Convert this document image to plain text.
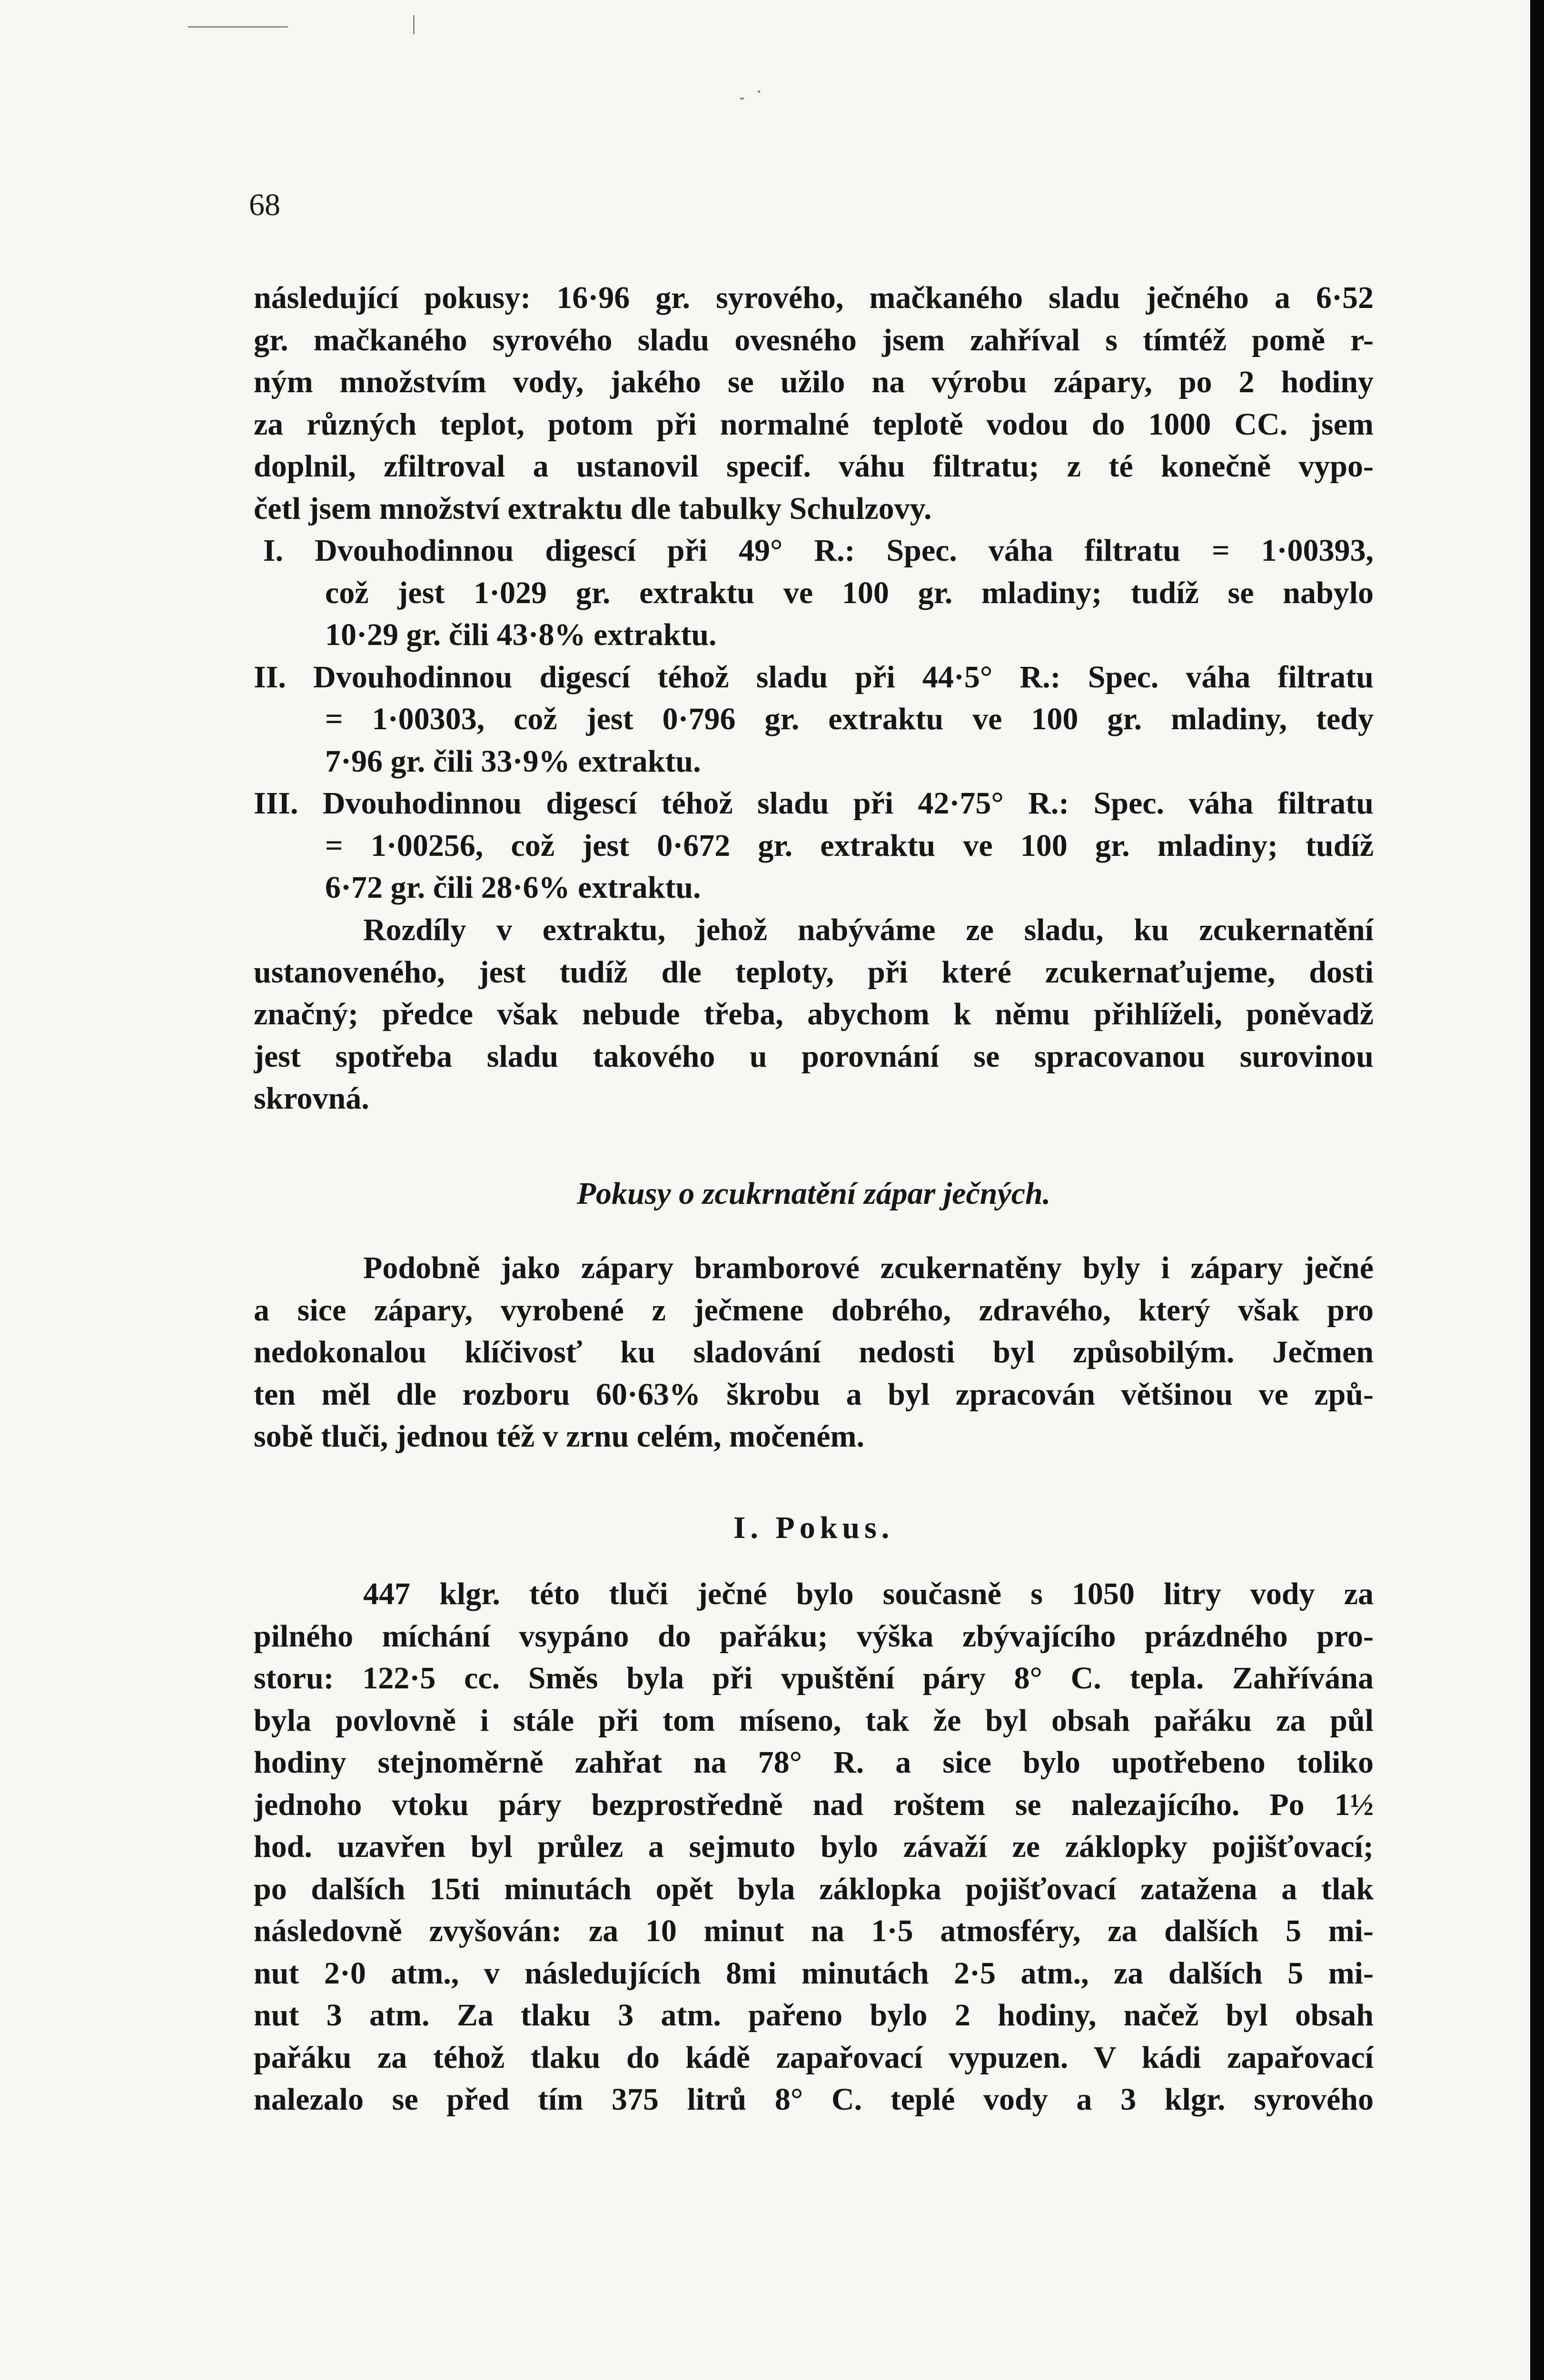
68
následující pokusy: 16·96 gr. syrového, mačkaného sladu ječného a 6·52
gr. mačkaného syrového sladu ovesného jsem zahříval s tímtéž pomě r-
ným množstvím vody, jakého se užilo na výrobu zápary, po 2 hodiny
za různých teplot, potom při normalné teplotě vodou do 1000 CC. jsem
doplnil, zfiltroval a ustanovil specif. váhu filtratu; z té konečně vypo-
četl jsem množství extraktu dle tabulky Schulzovy.
I. Dvouhodinnou digescí při 49° R.: Spec. váha filtratu = 1·00393,
což jest 1·029 gr. extraktu ve 100 gr. mladiny; tudíž se nabylo
10·29 gr. čili 43·8% extraktu.
II. Dvouhodinnou digescí téhož sladu při 44·5° R.: Spec. váha filtratu
= 1·00303, což jest 0·796 gr. extraktu ve 100 gr. mladiny, tedy
7·96 gr. čili 33·9% extraktu.
III. Dvouhodinnou digescí téhož sladu při 42·75° R.: Spec. váha filtratu
= 1·00256, což jest 0·672 gr. extraktu ve 100 gr. mladiny; tudíž
6·72 gr. čili 28·6% extraktu.
Rozdíly v extraktu, jehož nabýváme ze sladu, ku zcukernatění
ustanoveného, jest tudíž dle teploty, při které zcukernaťujeme, dosti
značný; předce však nebude třeba, abychom k němu přihlíželi, poněvadž
jest spotřeba sladu takového u porovnání se spracovanou surovinou
skrovná.
Pokusy o zcukrnatění zápar ječných.
Podobně jako zápary bramborové zcukernatěny byly i zápary ječné
a sice zápary, vyrobené z ječmene dobrého, zdravého, který však pro
nedokonalou klíčivosť ku sladování nedosti byl způsobilým. Ječmen
ten měl dle rozboru 60·63% škrobu a byl zpracován většinou ve způ-
sobě tluči, jednou též v zrnu celém, močeném.
I. Pokus.
447 klgr. této tluči ječné bylo současně s 1050 litry vody za
pilného míchání vsypáno do pařáku; výška zbývajícího prázdného pro-
storu: 122·5 cc. Směs byla při vpuštění páry 8° C. tepla. Zahřívána
byla povlovně i stále při tom míseno, tak že byl obsah pařáku za půl
hodiny stejnoměrně zahřat na 78° R. a sice bylo upotřebeno toliko
jednoho vtoku páry bezprostředně nad roštem se nalezajícího. Po 1½
hod. uzavřen byl průlez a sejmuto bylo závaží ze záklopky pojišťovací;
po dalších 15ti minutách opět byla záklopka pojišťovací zatažena a tlak
následovně zvyšován: za 10 minut na 1·5 atmosféry, za dalších 5 mi-
nut 2·0 atm., v následujících 8mi minutách 2·5 atm., za dalších 5 mi-
nut 3 atm. Za tlaku 3 atm. pařeno bylo 2 hodiny, načež byl obsah
pařáku za téhož tlaku do kádě zapařovací vypuzen. V kádi zapařovací
nalezalo se před tím 375 litrů 8° C. teplé vody a 3 klgr. syrového
